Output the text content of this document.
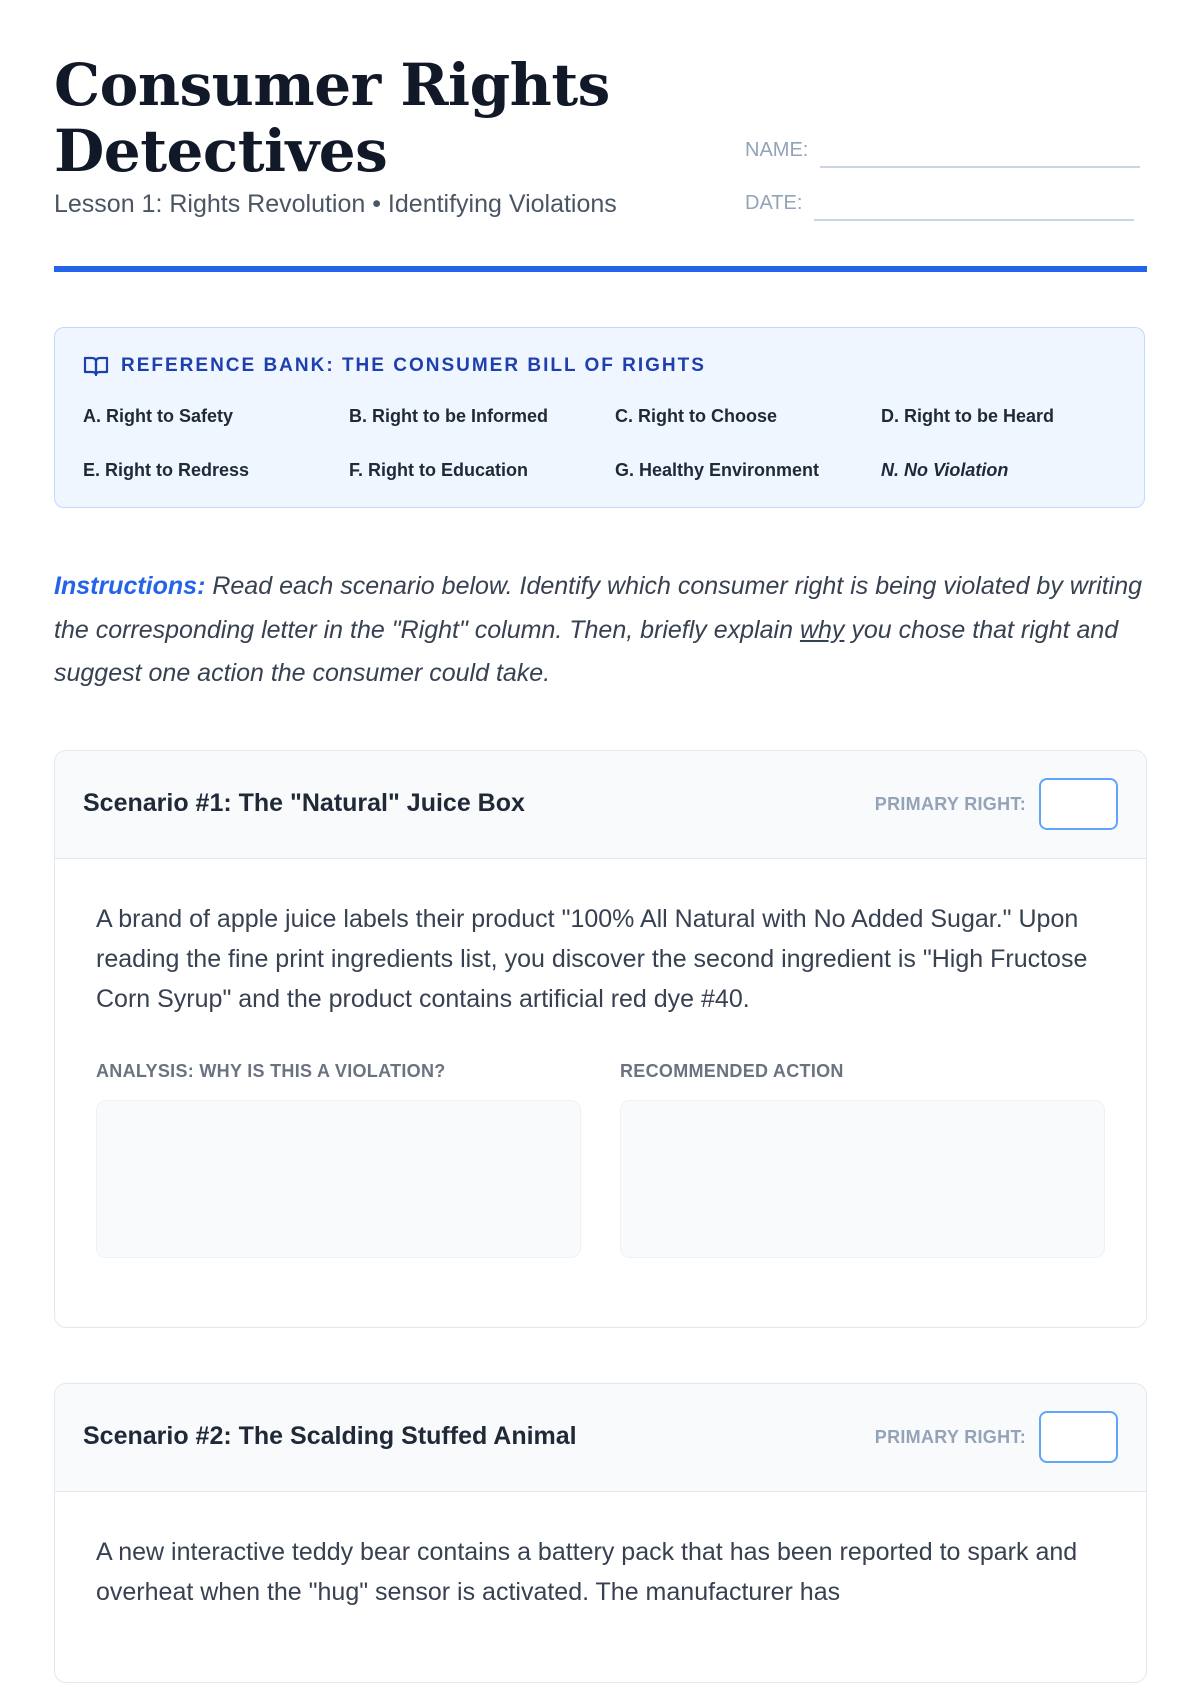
Consumer Rights
Detectives
Lesson 1: Rights Revolution • Identifying Violations
NAME:
DATE:
REFERENCE BANK: THE CONSUMER BILL OF RIGHTS
A. Right to Safety	B. Right to be Informed	C. Right to Choose	D. Right to be Heard
E. Right to Redress	F. Right to Education	G. Healthy Environment	N. No Violation
Instructions: Read each scenario below. Identify which consumer right is being violated by writing the corresponding letter in the "Right" column. Then, briefly explain why you chose that right and suggest one action the consumer could take.
Scenario #1: The "Natural" Juice Box	PRIMARY RIGHT:

A brand of apple juice labels their product "100% All Natural with No Added Sugar." Upon reading the fine print ingredients list, you discover the second ingredient is "High Fructose Corn Syrup" and the product contains artificial red dye #40.

ANALYSIS: WHY IS THIS A VIOLATION?	RECOMMENDED ACTION
Scenario #2: The Scalding Stuffed Animal	PRIMARY RIGHT:

A new interactive teddy bear contains a battery pack that has been reported to spark and overheat when the "hug" sensor is activated. The manufacturer has
